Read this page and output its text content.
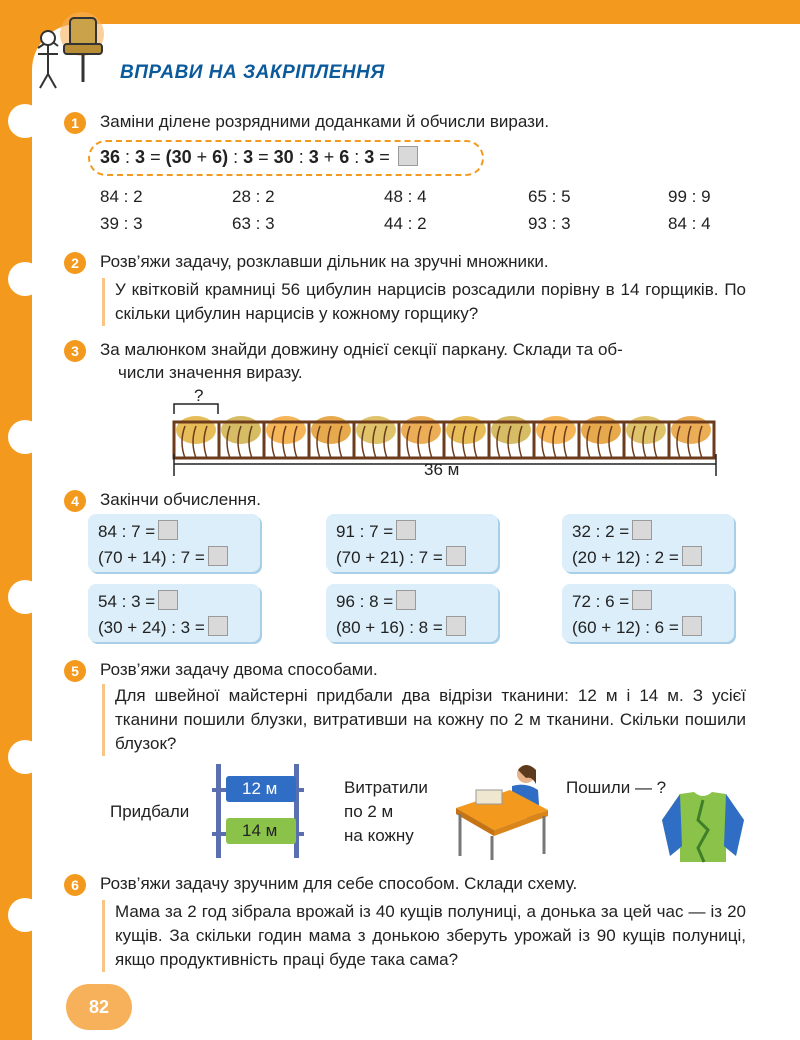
ВПРАВИ НА ЗАКРІПЛЕННЯ
1	Заміни ділене розрядними доданками й обчисли вирази.
36 : 3 = (30 + 6) : 3 = 30 : 3 + 6 : 3 =
84 : 2	28 : 2	48 : 4	65 : 5	99 : 9
39 : 3	63 : 3	44 : 2	93 : 3	84 : 4
2	Розв’яжи задачу, розклавши дільник на зручні множники.
У квітковій крамниці 56 цибулин нарцисів розсадили порівну в 14 горщиків. По скільки цибулин нарцисів у кожному горщику?
3	За малюнком знайди довжину однієї секції паркану. Склади та об-
числи значення виразу.
?
36 м
4	Закінчи обчислення.
84 : 7 =
(70 + 14) : 7 =
91 : 7 =
(70 + 21) : 7 =
32 : 2 =
(20 + 12) : 2 =
54 : 3 =
(30 + 24) : 3 =
96 : 8 =
(80 + 16) : 8 =
72 : 6 =
(60 + 12) : 6 =
5	Розв’яжи задачу двома способами.
Для швейної майстерні придбали два відрізи тканини: 12 м і 14 м. З усієї тканини пошили блузки, витративши на кожну по 2 м тканини. Скільки пошили блузок?
Придбали
12 м
14 м
Витратили
по 2 м
на кожну
Пошили — ?
6	Розв’яжи задачу зручним для себе способом. Склади схему.
Мама за 2 год зібрала врожай із 40 кущів полуниці, а донька за цей час — із 20 кущів. За скільки годин мама з донькою зберуть урожай із 90 кущів полуниці, якщо продуктивність праці буде така сама?
82
